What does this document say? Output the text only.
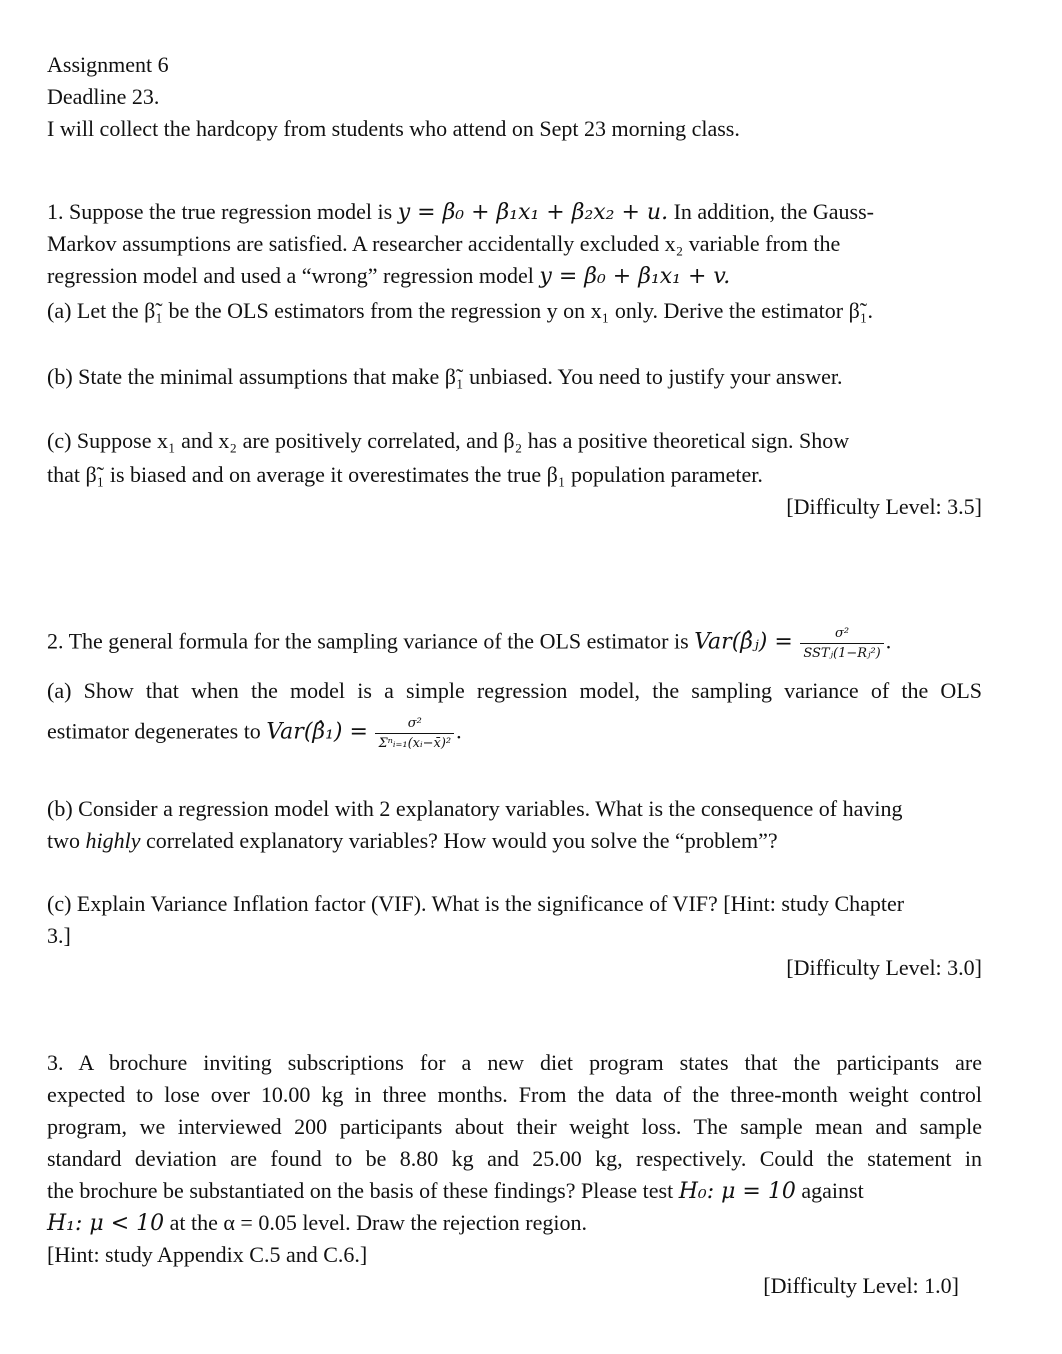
Assignment 6
Deadline 23.
I will collect the hardcopy from students who attend on Sept 23 morning class.
1. Suppose the true regression model is y = β₀ + β₁x₁ + β₂x₂ + u. In addition, the Gauss-
Markov assumptions are satisfied. A researcher accidentally excluded x₂ variable from the
regression model and used a “wrong” regression model y = β₀ + β₁x₁ + v.
(a) Let the β̃₁ be the OLS estimators from the regression y on x₁ only. Derive the estimator β̃₁.
(b) State the minimal assumptions that make β̃₁ unbiased. You need to justify your answer.
(c) Suppose x₁ and x₂ are positively correlated, and β₂ has a positive theoretical sign. Show
that β̃₁ is biased and on average it overestimates the true β₁ population parameter.
[Difficulty Level: 3.5]
2. The general formula for the sampling variance of the OLS estimator is Var(β̂ⱼ) = $\frac{\text{σ²}}{\text{SSTⱼ(1−Rⱼ²)}}$ .
(a) Show that when the model is a simple regression model, the sampling variance of the OLS
estimator degenerates to Var(β̂₁) = $\frac{\text{σ²}}{\text{Σⁿᵢ₌₁(xᵢ−x̄)²}}$ .
(b) Consider a regression model with 2 explanatory variables. What is the consequence of having
two highly correlated explanatory variables? How would you solve the “problem”?
(c) Explain Variance Inflation factor (VIF). What is the significance of VIF? [Hint: study Chapter
3.]
[Difficulty Level: 3.0]
3. A brochure inviting subscriptions for a new diet program states that the participants are
expected to lose over 10.00 kg in three months. From the data of the three-month weight control
program, we interviewed 200 participants about their weight loss. The sample mean and sample
standard deviation are found to be 8.80 kg and 25.00 kg, respectively. Could the statement in
the brochure be substantiated on the basis of these findings? Please test H₀: μ = 10 against
H₁: μ < 10 at the α = 0.05 level. Draw the rejection region.
[Hint: study Appendix C.5 and C.6.]
[Difficulty Level: 1.0]
